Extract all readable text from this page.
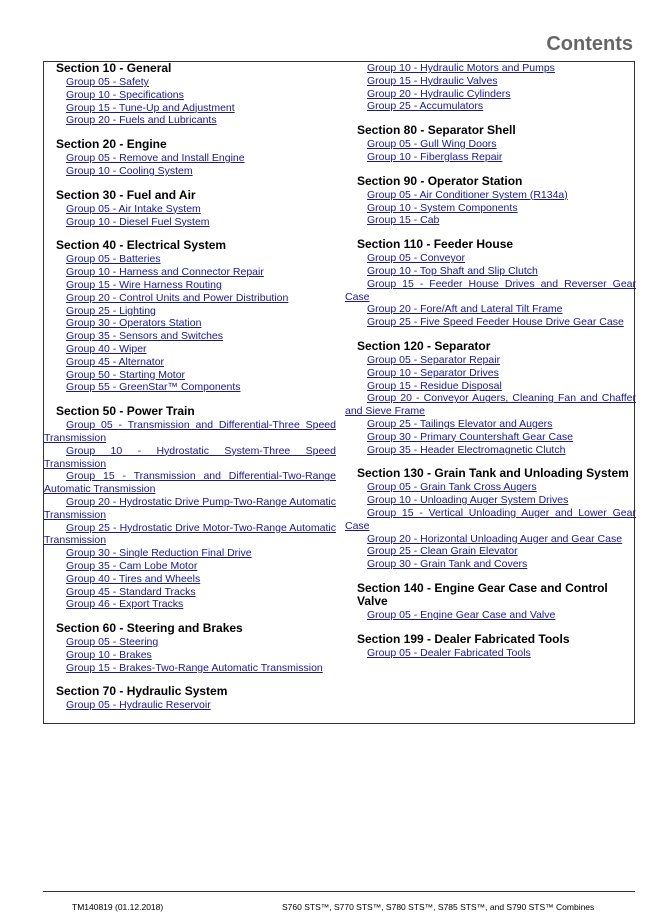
Contents
Section 10 - General
Group 05 - Safety
Group 10 - Specifications
Group 15 - Tune-Up and Adjustment
Group 20 - Fuels and Lubricants
Section 20 - Engine
Group 05 - Remove and Install Engine
Group 10 - Cooling System
Section 30 - Fuel and Air
Group 05 - Air Intake System
Group 10 - Diesel Fuel System
Section 40 - Electrical System
Group 05 - Batteries
Group 10 - Harness and Connector Repair
Group 15 - Wire Harness Routing
Group 20 - Control Units and Power Distribution
Group 25 - Lighting
Group 30 - Operators Station
Group 35 - Sensors and Switches
Group 40 - Wiper
Group 45 - Alternator
Group 50 - Starting Motor
Group 55 - GreenStar™ Components
Section 50 - Power Train
Group 05 - Transmission and Differential-Three Speed Transmission
Group 10 - Hydrostatic System-Three Speed Transmission
Group 15 - Transmission and Differential-Two-Range Automatic Transmission
Group 20 - Hydrostatic Drive Pump-Two-Range Automatic Transmission
Group 25 - Hydrostatic Drive Motor-Two-Range Automatic Transmission
Group 30 - Single Reduction Final Drive
Group 35 - Cam Lobe Motor
Group 40 - Tires and Wheels
Group 45 - Standard Tracks
Group 46 - Export Tracks
Section 60 - Steering and Brakes
Group 05 - Steering
Group 10 - Brakes
Group 15 - Brakes-Two-Range Automatic Transmission
Section 70 - Hydraulic System
Group 05 - Hydraulic Reservoir
Group 10 - Hydraulic Motors and Pumps
Group 15 - Hydraulic Valves
Group 20 - Hydraulic Cylinders
Group 25 - Accumulators
Section 80 - Separator Shell
Group 05 - Gull Wing Doors
Group 10 - Fiberglass Repair
Section 90 - Operator Station
Group 05 - Air Conditioner System (R134a)
Group 10 - System Components
Group 15 - Cab
Section 110 - Feeder House
Group 05 - Conveyor
Group 10 - Top Shaft and Slip Clutch
Group 15 - Feeder House Drives and Reverser Gear Case
Group 20 - Fore/Aft and Lateral Tilt Frame
Group 25 - Five Speed Feeder House Drive Gear Case
Section 120 - Separator
Group 05 - Separator Repair
Group 10 - Separator Drives
Group 15 - Residue Disposal
Group 20 - Conveyor Augers, Cleaning Fan and Chaffer and Sieve Frame
Group 25 - Tailings Elevator and Augers
Group 30 - Primary Countershaft Gear Case
Group 35 - Header Electromagnetic Clutch
Section 130 - Grain Tank and Unloading System
Group 05 - Grain Tank Cross Augers
Group 10 - Unloading Auger System Drives
Group 15 - Vertical Unloading Auger and Lower Gear Case
Group 20 - Horizontal Unloading Auger and Gear Case
Group 25 - Clean Grain Elevator
Group 30 - Grain Tank and Covers
Section 140 - Engine Gear Case and Control Valve
Group 05 - Engine Gear Case and Valve
Section 199 - Dealer Fabricated Tools
Group 05 - Dealer Fabricated Tools
TM140819 (01.12.2018)	S760 STS™, S770 STS™, S780 STS™, S785 STS™, and S790 STS™ Combines
